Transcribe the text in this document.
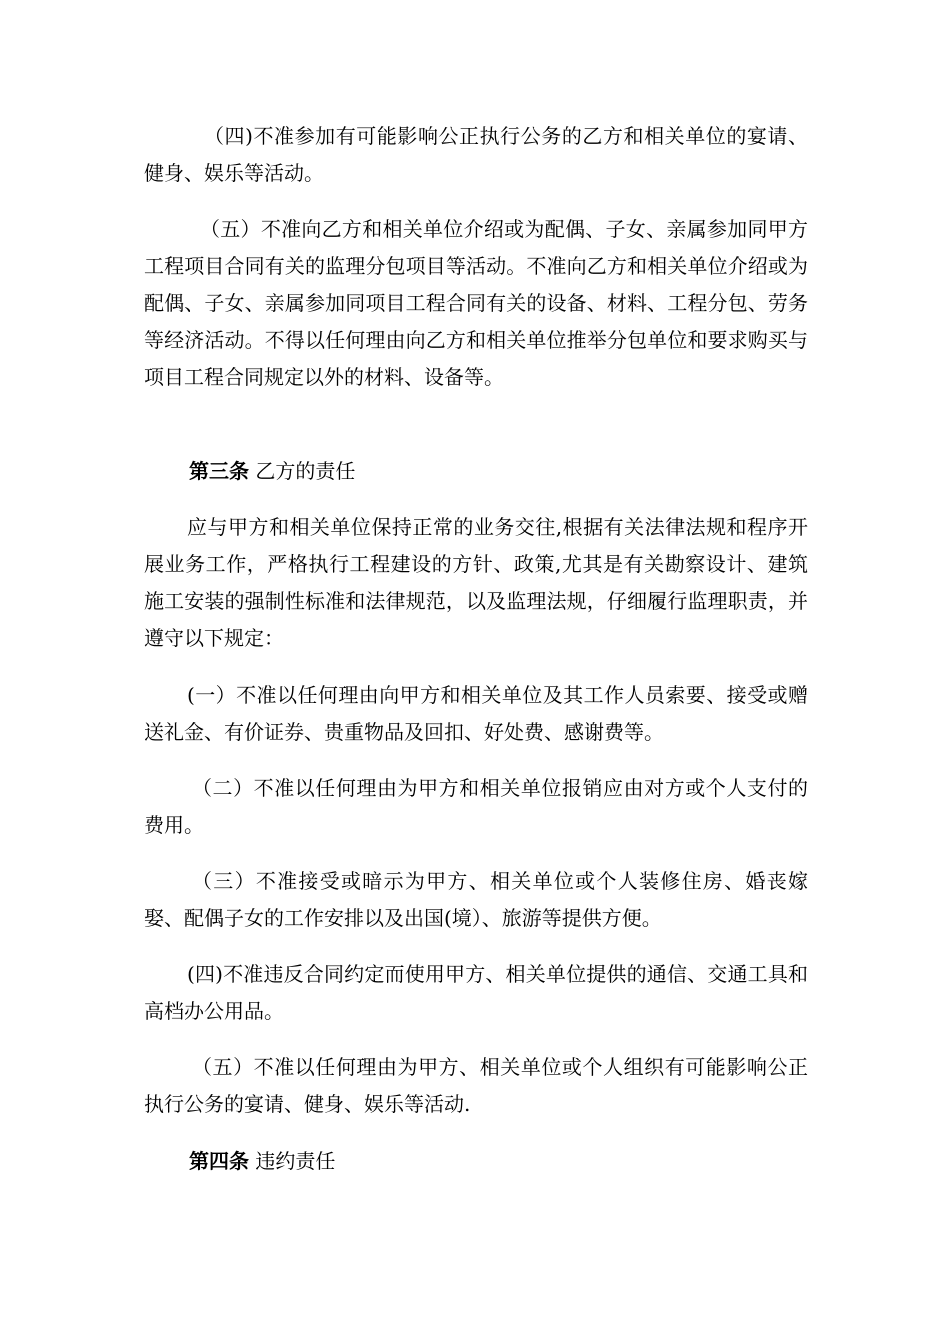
（四)不准参加有可能影响公正执行公务的乙方和相关单位的宴请、健身、娱乐等活动。

（五）不准向乙方和相关单位介绍或为配偶、子女、亲属参加同甲方工程项目合同有关的监理分包项目等活动。不准向乙方和相关单位介绍或为配偶、子女、亲属参加同项目工程合同有关的设备、材料、工程分包、劳务等经济活动。不得以任何理由向乙方和相关单位推举分包单位和要求购买与项目工程合同规定以外的材料、设备等。

第三条 乙方的责任

应与甲方和相关单位保持正常的业务交往,根据有关法律法规和程序开展业务工作，严格执行工程建设的方针、政策,尤其是有关勘察设计、建筑施工安装的强制性标准和法律规范，以及监理法规，仔细履行监理职责，并遵守以下规定：

(一）不准以任何理由向甲方和相关单位及其工作人员索要、接受或赠送礼金、有价证券、贵重物品及回扣、好处费、感谢费等。

（二）不准以任何理由为甲方和相关单位报销应由对方或个人支付的费用。

（三）不准接受或暗示为甲方、相关单位或个人装修住房、婚丧嫁娶、配偶子女的工作安排以及出国(境）、旅游等提供方便。

(四)不准违反合同约定而使用甲方、相关单位提供的通信、交通工具和高档办公用品。

（五）不准以任何理由为甲方、相关单位或个人组织有可能影响公正执行公务的宴请、健身、娱乐等活动.

第四条 违约责任
